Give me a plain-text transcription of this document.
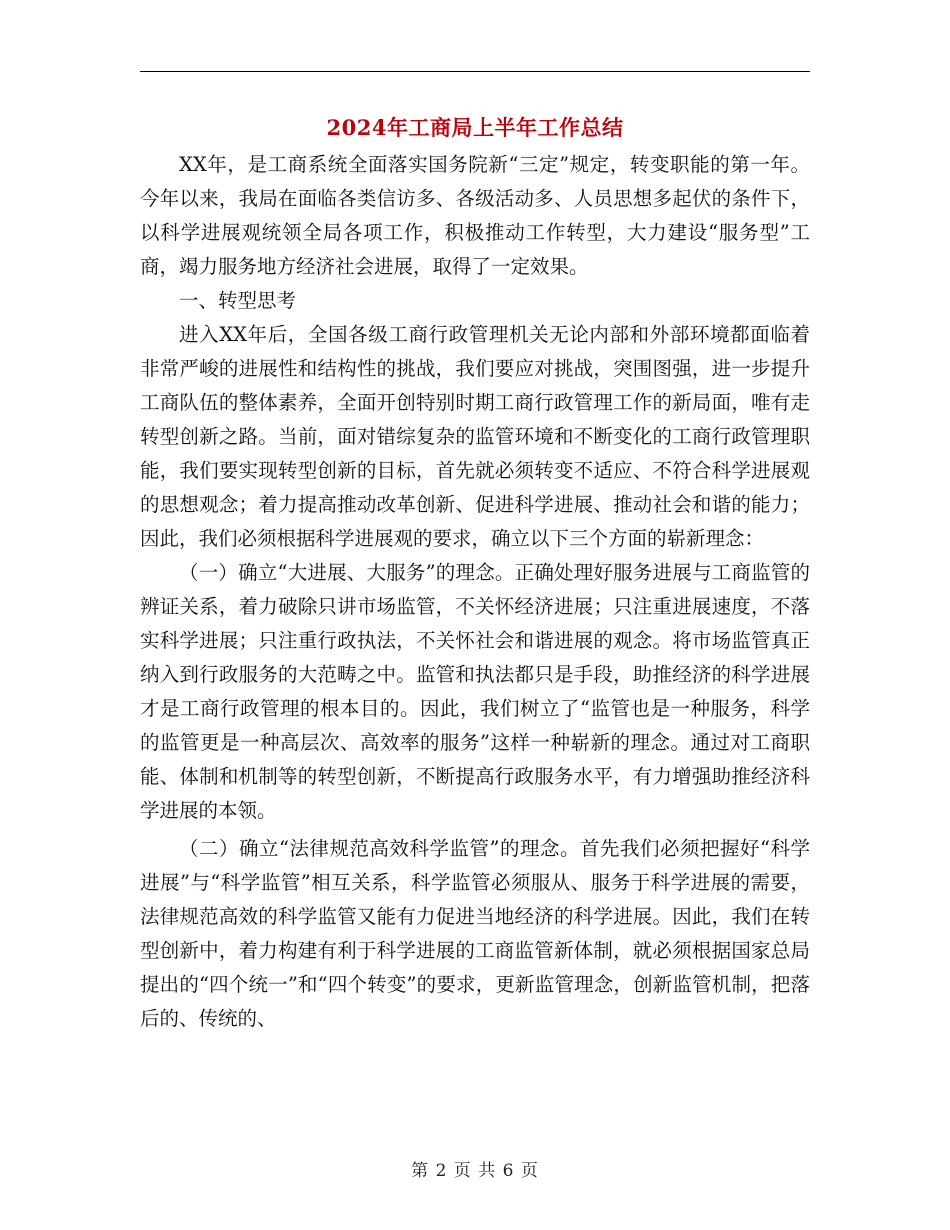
2024年工商局上半年工作总结

XX年，是工商系统全面落实国务院新“三定”规定，转变职能的第一年。今年以来，我局在面临各类信访多、各级活动多、人员思想多起伏的条件下，以科学进展观统领全局各项工作，积极推动工作转型，大力建设“服务型”工商，竭力服务地方经济社会进展，取得了一定效果。

一、转型思考

进入XX年后，全国各级工商行政管理机关无论内部和外部环境都面临着非常严峻的进展性和结构性的挑战，我们要应对挑战，突围图强，进一步提升工商队伍的整体素养，全面开创特别时期工商行政管理工作的新局面，唯有走转型创新之路。当前，面对错综复杂的监管环境和不断变化的工商行政管理职能，我们要实现转型创新的目标，首先就必须转变不适应、不符合科学进展观的思想观念；着力提高推动改革创新、促进科学进展、推动社会和谐的能力；因此，我们必须根据科学进展观的要求，确立以下三个方面的崭新理念：

（一）确立“大进展、大服务”的理念。正确处理好服务进展与工商监管的辨证关系，着力破除只讲市场监管，不关怀经济进展；只注重进展速度，不落实科学进展；只注重行政执法，不关怀社会和谐进展的观念。将市场监管真正纳入到行政服务的大范畴之中。监管和执法都只是手段，助推经济的科学进展才是工商行政管理的根本目的。因此，我们树立了“监管也是一种服务，科学的监管更是一种高层次、高效率的服务”这样一种崭新的理念。通过对工商职能、体制和机制等的转型创新，不断提高行政服务水平，有力增强助推经济科学进展的本领。

（二）确立“法律规范高效科学监管”的理念。首先我们必须把握好“科学进展”与“科学监管”相互关系，科学监管必须服从、服务于科学进展的需要，法律规范高效的科学监管又能有力促进当地经济的科学进展。因此，我们在转型创新中，着力构建有利于科学进展的工商监管新体制，就必须根据国家总局提出的“四个统一”和“四个转变”的要求，更新监管理念，创新监管机制，把落后的、传统的、

第 2 页 共 6 页
